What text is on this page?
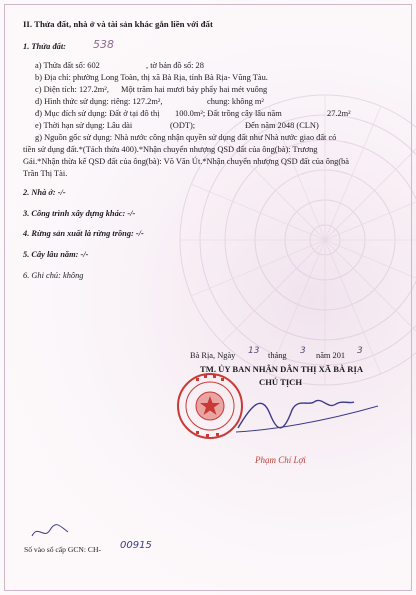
II. Thửa đất, nhà ở và tài sản khác gắn liền với đất
1. Thửa đất: 538
a) Thửa đất số: 602	, tờ bản đồ số: 28
b) Địa chỉ: phường Long Toàn, thị xã Bà Rịa, tỉnh Bà Rịa- Vũng Tàu.
c) Diện tích: 127.2m², Một trăm hai mươi bảy phẩy hai mét vuông
d) Hình thức sử dụng: riêng: 127.2m²,	chung: không m²
đ) Mục đích sử dụng: Đất ở tại đô thị 100.0m²; Đất trồng cây lâu năm	27.2m²
e) Thời hạn sử dụng: Lâu dài	(ODT);	Đến năm 2048 (CLN)
g) Nguồn gốc sử dụng: Nhà nước công nhận quyền sử dụng đất như Nhà nước giao đất có
tiền sử dụng đất.*(Tách thửa 400).*Nhận chuyển nhượng QSD đất của ông(bà): Trương
Gái.*Nhận thừa kế QSD đất của ông(bà): Võ Văn Út.*Nhận chuyển nhượng QSD đất của ông(bà
Trần Thị Tài.
2. Nhà ở: -/-
3. Công trình xây dựng khác: -/-
4. Rừng sản xuất là rừng trồng: -/-
5. Cây lâu năm: -/-
6. Ghi chú: không
Bà Rịa, Ngày 13 tháng 3 năm 201 3
TM. ỦY BAN NHÂN DÂN THỊ XÃ BÀ RỊA
CHỦ TỊCH
Phạm Chí Lợi
Số vào sổ cấp GCN: CH- 00915
